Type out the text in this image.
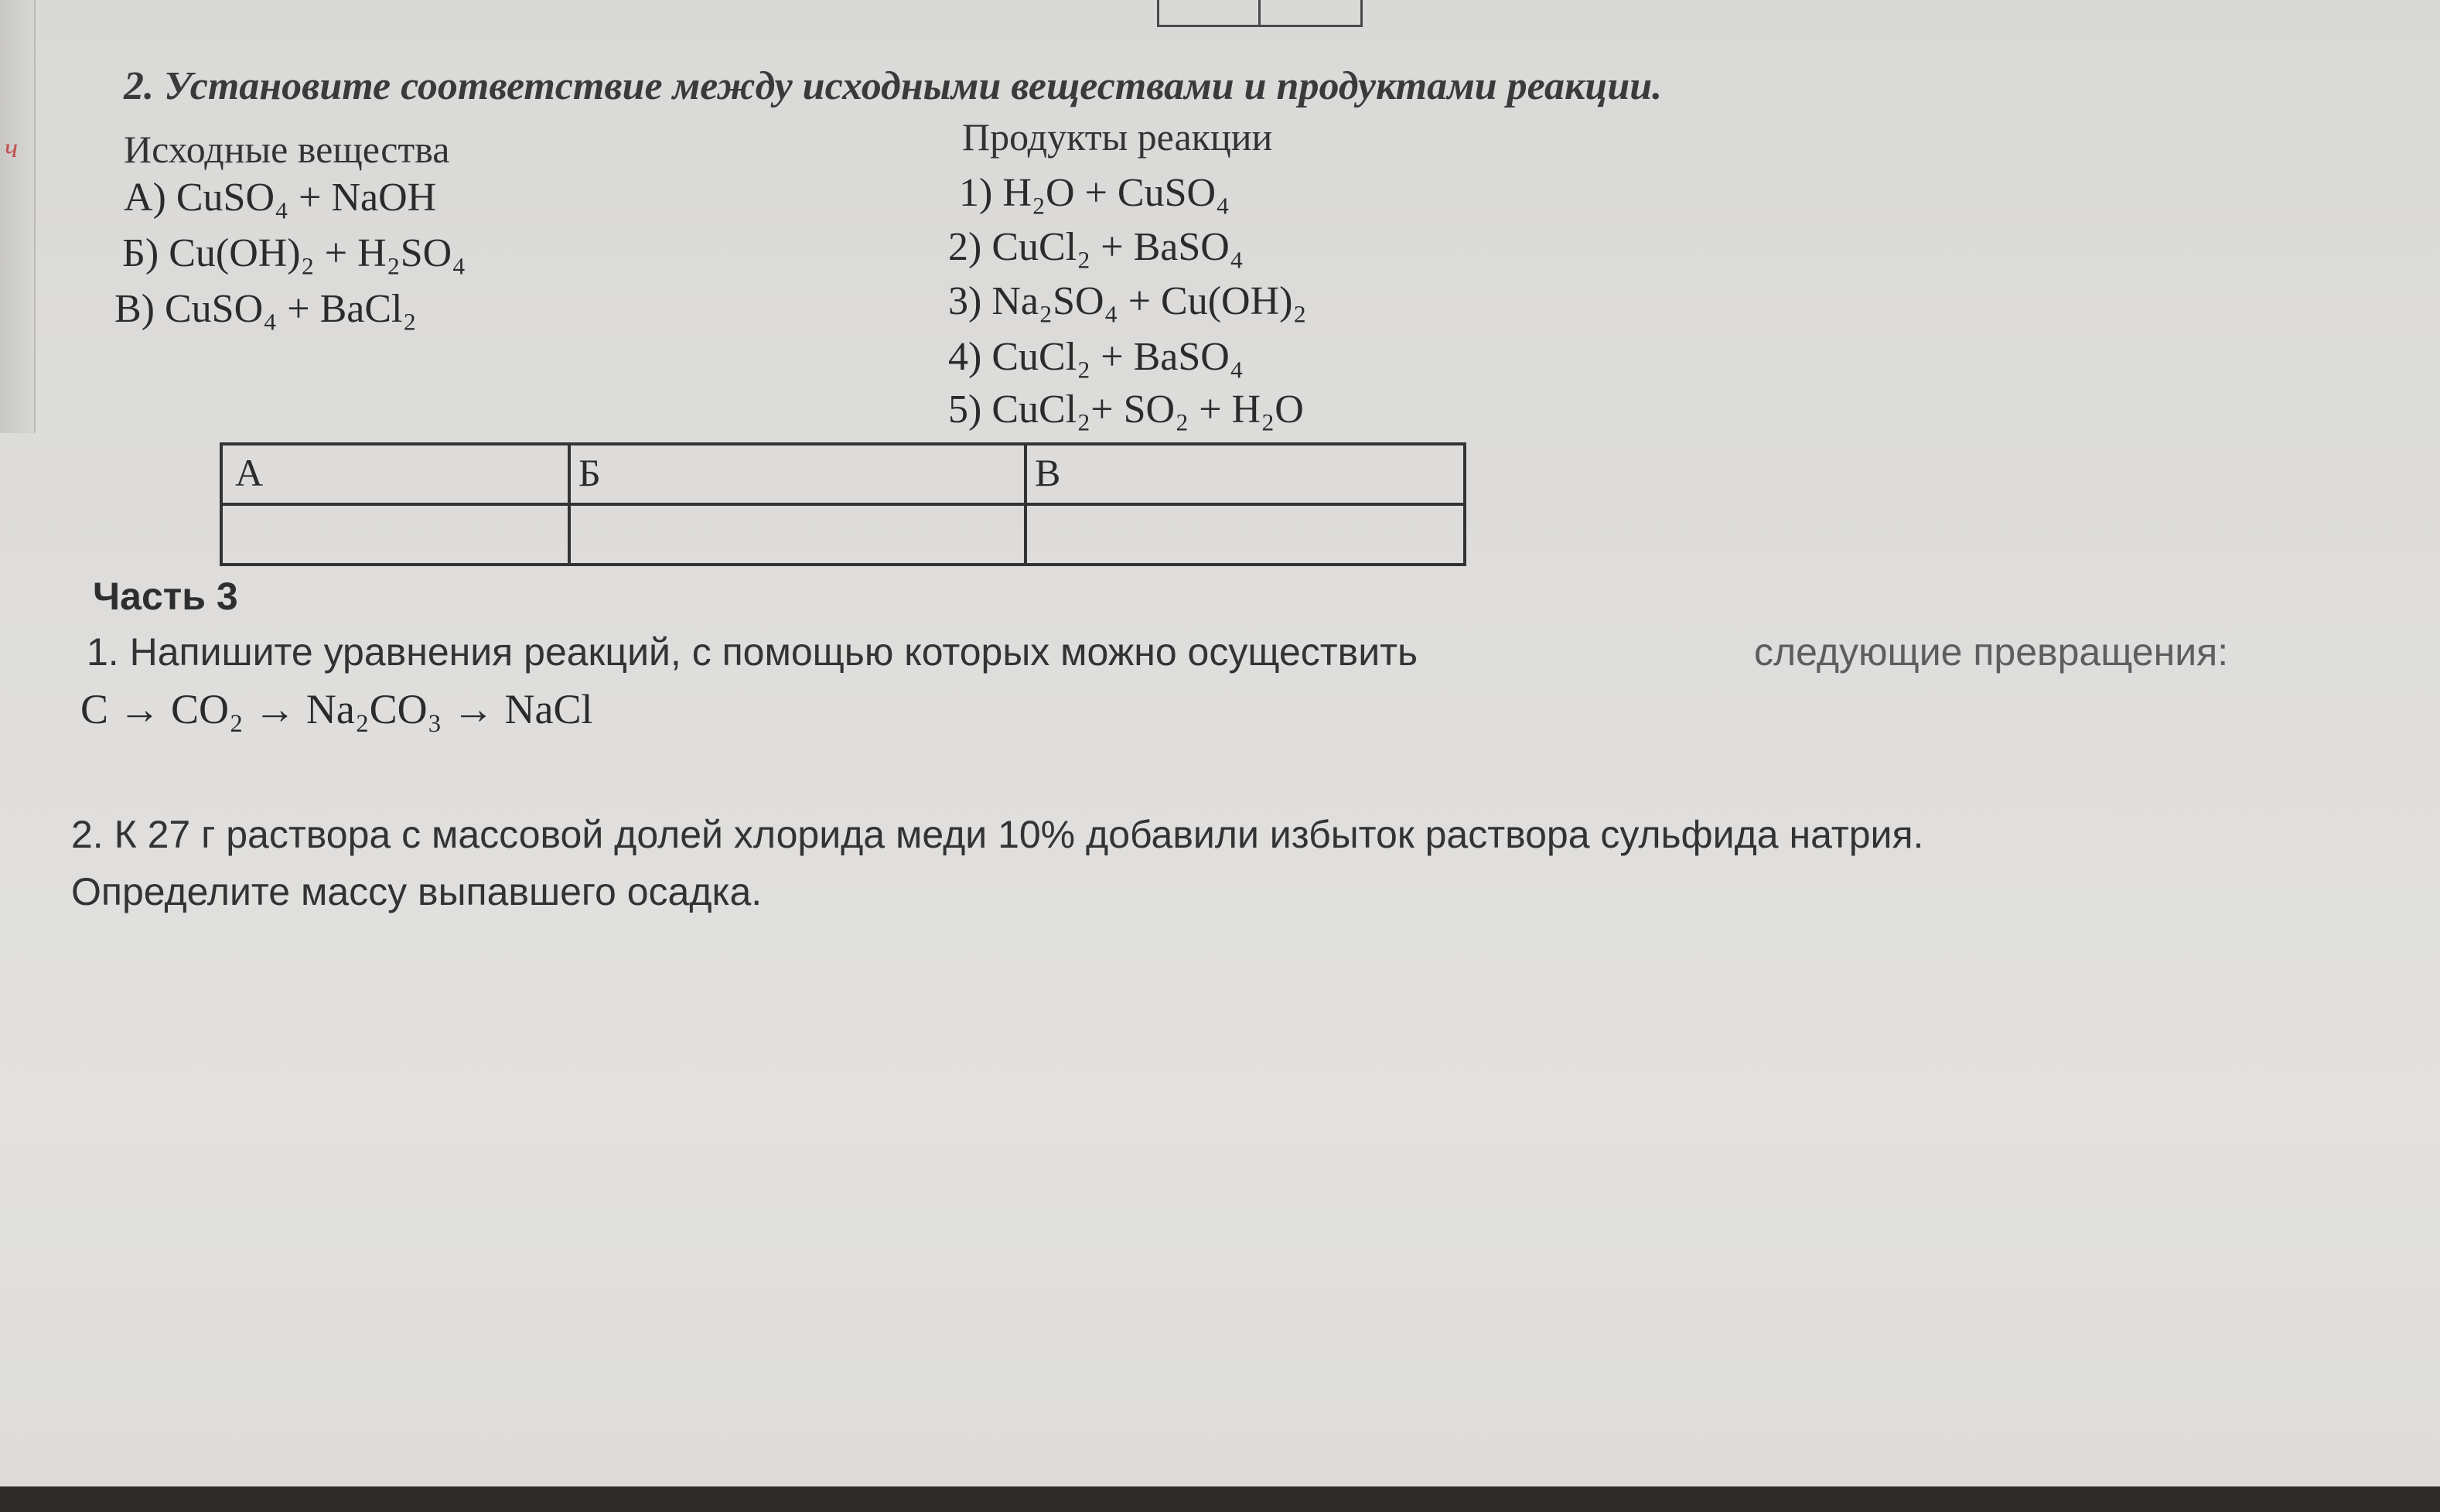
ч
2. Установите соответствие между исходными веществами и продуктами реакции.
Исходные вещества	Продукты реакции
А) CuSO₄ + NaOH
Б) Cu(OH)₂ + H₂SO₄
В) CuSO₄ + BaCl₂
1) H₂O + CuSO₄
2) CuCl₂ + BaSO₄
3) Na₂SO₄ + Cu(OH)₂
4) CuCl₂ + BaSO₄
5) CuCl₂+ SO₂ + H₂O
А	Б	В
Часть 3
1. Напишите уравнения реакций, с помощью которых можно осуществить	следующие превращения:
C → CO₂ → Na₂CO₃ → NaCl
2. К 27 г раствора с массовой долей хлорида меди 10% добавили избыток раствора сульфида натрия.
Определите массу выпавшего осадка.
